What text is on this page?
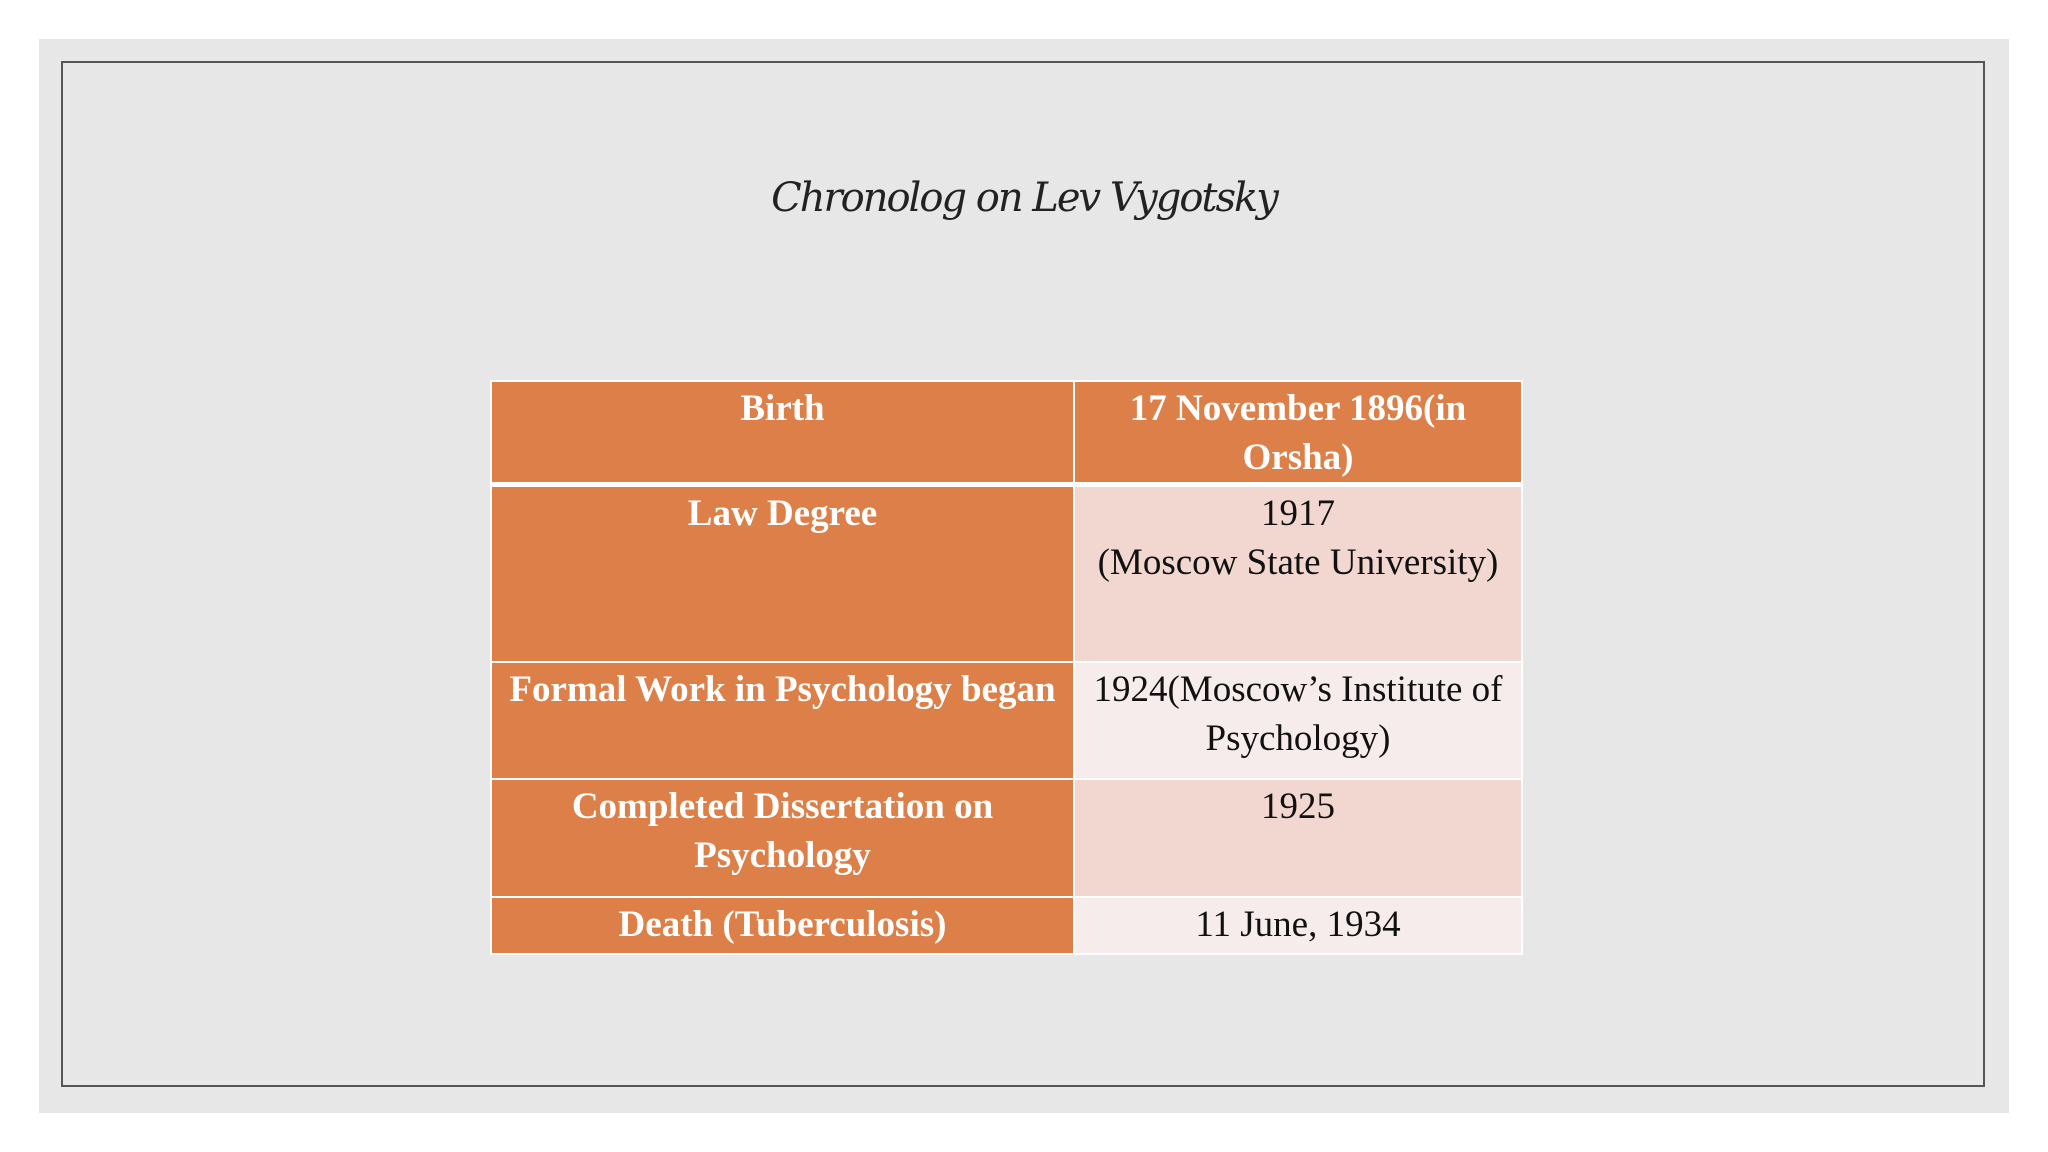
Chronolog on Lev Vygotsky
Birth	17 November 1896(in Orsha)
Law Degree	1917
(Moscow State University)
Formal Work in Psychology began	1924(Moscow’s Institute of Psychology)
Completed Dissertation on Psychology	1925
Death (Tuberculosis)	11 June, 1934
